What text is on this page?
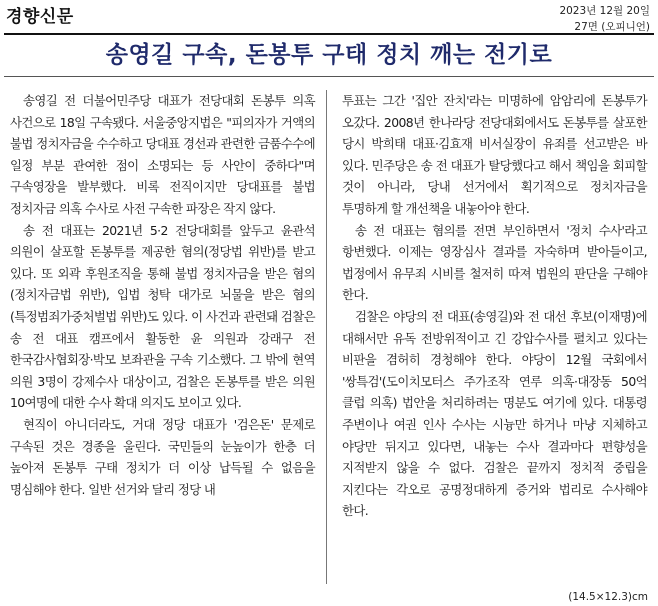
경향신문	2023년 12월 20일
27면 (오피니언)
송영길 구속, 돈봉투 구태 정치 깨는 전기로

송영길 전 더불어민주당 대표가 전당대회 돈봉투 의혹 사건으로 18일 구속됐다. 서울중앙지법은 "피의자가 거액의 불법 정치자금을 수수하고 당대표 경선과 관련한 금품수수에 일정 부분 관여한 점이 소명되는 등 사안이 중하다"며 구속영장을 발부했다. 비록 전직이지만 당대표를 불법 정치자금 의혹 수사로 사전 구속한 파장은 작지 않다.

송 전 대표는 2021년 5·2 전당대회를 앞두고 윤관석 의원이 살포할 돈봉투를 제공한 혐의(정당법 위반)를 받고 있다. 또 외곽 후원조직을 통해 불법 정치자금을 받은 혐의(정치자금법 위반), 입법 청탁 대가로 뇌물을 받은 혐의(특정범죄가중처벌법 위반)도 있다. 이 사건과 관련돼 검찰은 송 전 대표 캠프에서 활동한 윤 의원과 강래구 전 한국감사협회장·박모 보좌관을 구속 기소했다. 그 밖에 현역 의원 3명이 강제수사 대상이고, 검찰은 돈봉투를 받은 의원 10여명에 대한 수사 확대 의지도 보이고 있다.

현직이 아니더라도, 거대 정당 대표가 '검은돈' 문제로 구속된 것은 경종을 울린다. 국민들의 눈높이가 한층 더 높아져 돈봉투 구태 정치가 더 이상 납득될 수 없음을 명심해야 한다. 일반 선거와 달리 정당 내

투표는 그간 '집안 잔치'라는 미명하에 암암리에 돈봉투가 오갔다. 2008년 한나라당 전당대회에서도 돈봉투를 살포한 당시 박희태 대표·김효재 비서실장이 유죄를 선고받은 바 있다. 민주당은 송 전 대표가 탈당했다고 해서 책임을 회피할 것이 아니라, 당내 선거에서 획기적으로 정치자금을 투명하게 할 개선책을 내놓아야 한다.

송 전 대표는 혐의를 전면 부인하면서 '정치 수사'라고 항변했다. 이제는 영장심사 결과를 자숙하며 받아들이고, 법정에서 유무죄 시비를 철저히 따져 법원의 판단을 구해야 한다.

검찰은 야당의 전 대표(송영길)와 전 대선 후보(이재명)에 대해서만 유독 전방위적이고 긴 강압수사를 펼치고 있다는 비판을 겸허히 경청해야 한다. 야당이 12월 국회에서 '쌍특검'(도이치모터스 주가조작 연루 의혹·대장동 50억 클럽 의혹) 법안을 처리하려는 명분도 여기에 있다. 대통령 주변이나 여권 인사 수사는 시늉만 하거나 마냥 지체하고 야당만 뒤지고 있다면, 내놓는 수사 결과마다 편향성을 지적받지 않을 수 없다. 검찰은 끝까지 정치적 중립을 지킨다는 각오로 공명정대하게 증거와 법리로 수사해야 한다.

(14.5×12.3)cm
